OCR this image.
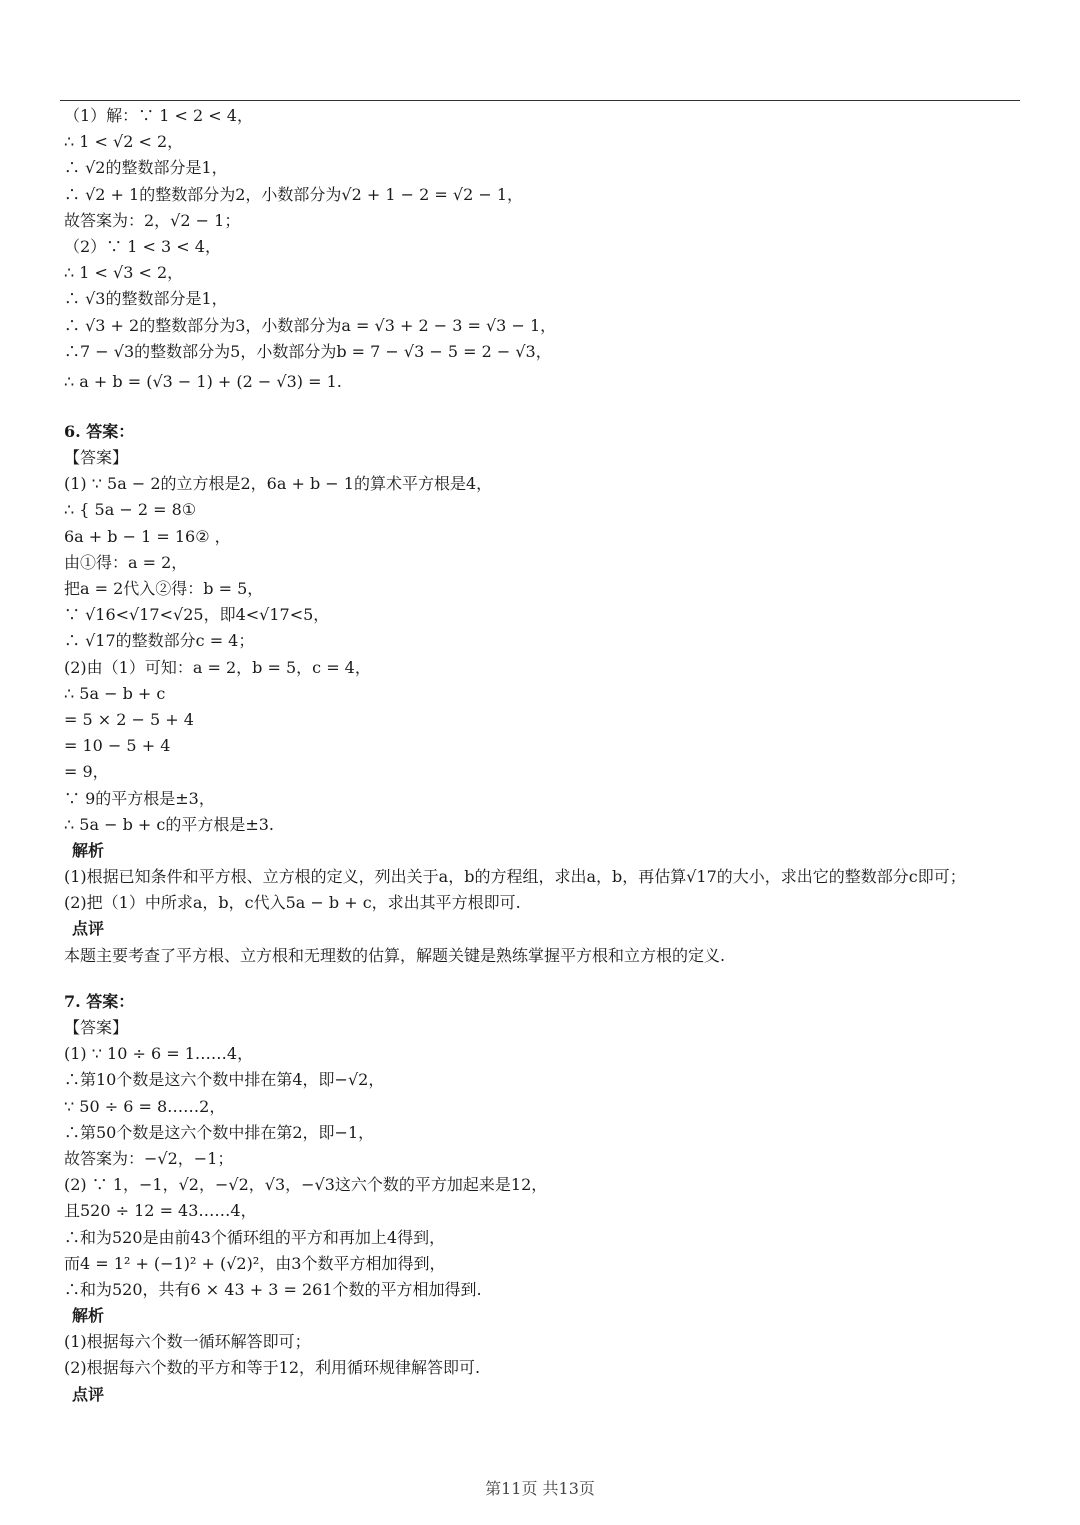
（1）解：∵ 1 < 2 < 4，
∴ 1 < √2 < 2，
∴ √2的整数部分是1，
∴ √2 + 1的整数部分为2，小数部分为√2 + 1 − 2 = √2 − 1，
故答案为：2，√2 − 1；
（2）∵ 1 < 3 < 4，
∴ 1 < √3 < 2，
∴ √3的整数部分是1，
∴ √3 + 2的整数部分为3，小数部分为a = √3 + 2 − 3 = √3 − 1，
∴7 − √3的整数部分为5，小数部分为b = 7 − √3 − 5 = 2 − √3，
∴ a + b = (√3 − 1) + (2 − √3) = 1.
6. 答案：
【答案】
(1) ∵ 5a − 2的立方根是2，6a + b − 1的算术平方根是4，
∴ { 5a − 2 = 8①
6a + b − 1 = 16② ，
由①得：a = 2，
把a = 2代入②得：b = 5，
∵ √16<√17<√25，即4<√17<5，
∴ √17的整数部分c = 4；
(2)由（1）可知：a = 2，b = 5，c = 4，
∴ 5a − b + c
= 5 × 2 − 5 + 4
= 10 − 5 + 4
= 9，
∵ 9的平方根是±3，
∴ 5a − b + c的平方根是±3.
解析
(1)根据已知条件和平方根、立方根的定义，列出关于a，b的方程组，求出a，b，再估算√17的大小，求出它的整数部分c即可；
(2)把（1）中所求a，b，c代入5a − b + c，求出其平方根即可.
点评
本题主要考查了平方根、立方根和无理数的估算，解题关键是熟练掌握平方根和立方根的定义.
7. 答案：
【答案】
(1) ∵ 10 ÷ 6 = 1……4，
∴第10个数是这六个数中排在第4，即−√2，
∵ 50 ÷ 6 = 8……2，
∴第50个数是这六个数中排在第2，即−1，
故答案为：−√2，−1；
(2) ∵ 1，−1，√2，−√2，√3，−√3这六个数的平方加起来是12，
且520 ÷ 12 = 43……4，
∴和为520是由前43个循环组的平方和再加上4得到，
而4 = 1² + (−1)² + (√2)²，由3个数平方相加得到，
∴和为520，共有6 × 43 + 3 = 261个数的平方相加得到.
解析
(1)根据每六个数一循环解答即可；
(2)根据每六个数的平方和等于12，利用循环规律解答即可.
点评
第11页 共13页
